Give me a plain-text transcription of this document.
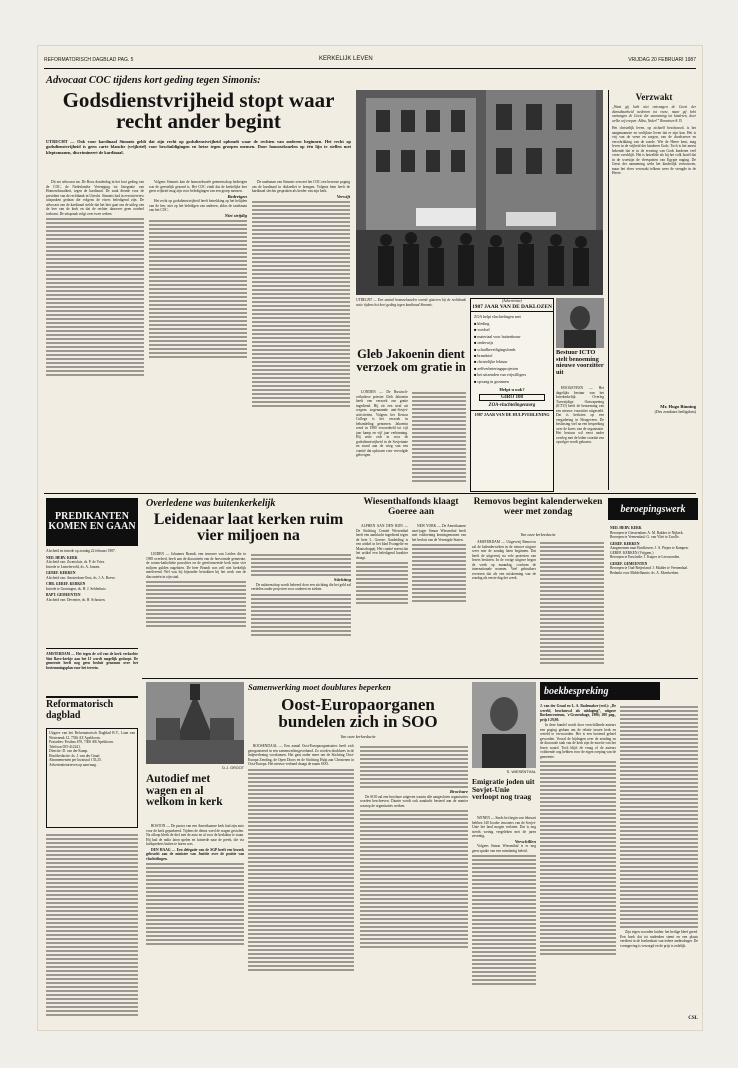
REFORMATORISCH DAGBLAD PAG. 5	KERKELIJK LEVEN	VRIJDAG 20 FEBRUARI 1987
Advocaat COC tijdens kort geding tegen Simonis:
Godsdienstvrijheid stopt waar recht ander begint
UTRECHT — Ook voor kardinaal Simonis geldt dat zijn recht op godsdienstvrijheid ophoudt waar de rechten van anderen beginnen. Het recht op godsdienstvrijheid is geen carte blanche (vrijbrief) voor beschuldigingen en hetze tegen groepen mensen. Door homoseksuelen op één lijn te stellen met kleptomanen, discrimineert de kardinaal.

Dit zei advocaat mr. De Roos donderdag in het kort geding van de COC, de Nederlandse Vereniging tot Integratie van Homoseksualiteit, tegen de kardinaal. De zaak diende voor de president van de rechtbank in Utrecht. Simonis had in een interview uitspraken gedaan die volgens de eisers beledigend zijn. De advocaat van de kardinaal stelde dat het hier gaat om de uitleg van de leer van de kerk en dat de rechter daarover geen oordeel toekomt. De uitspraak volgt over twee weken.

Volgens Simonis kan de homoseksuele gemeenschap bedreigen wat de geestelijk gezond is. Het COC vindt dat de kerkelijke leer geen vrijbrief mag zijn voor beledigingen van een groep mensen.

Bedreigen

Het recht op godsdienstvrijheid heeft betrekking op het belijden van de leer, niet op het beledigen van anderen, aldus de raadsman van het COC.

Niet strijdig

De raadsman van Simonis verweet het COC een bewuste poging om de kardinaal in diskrediet te brengen. Volgens hem heeft de kardinaal slechts gesproken als herder van zijn kerk.

Verwijt
UTRECHT — Een aantal homoseksuelen voerde gisteren bij de rechtbank actie tijdens het kort geding tegen kardinaal Simonis.
Gleb Jakoenin dient verzoek om gratie in

LONDEN — De Russisch-orthodoxe priester Gleb Jakoenin heeft een verzoek om gratie ingediend. Hij zit een straf uit wegens zogenaamde anti-Sovjet-activiteiten. Volgens het Keston College is het verzoek in behandeling genomen. Jakoenin werd in 1980 veroordeeld tot vijf jaar kamp en vijf jaar verbanning. Hij zette zich in voor de godsdienstvrijheid in de Sovjetunie en stond aan de wieg van een comité dat opkwam voor vervolgde gelovigen.

(Advertentie)
1987 JAAR VAN DE DAKLOZEN
ZOA helpt vluchtelingen met
■ kleding
■ voedsel
■ materiaal voor huttenbouw
■ onderwijs
■ schuilbeveiligingsfonds
■ brandstof
■ christelijke lektuur
■ zelfverbeteringsprojecten
■ het uitzenden van vrijwilligers
■ opvang in gezinnen
Helpt u ook?
GIRO 108
ZOA-vluchtelingenzorg
1987 JAAR VAN DE HULPVERLENING
Bestuur ICTO stelt benoeming nieuwe voorzitter uit

HOOGEVEEN — Het dagelijks bestuur van het Interkerkelijk Overleg Tweezijdige Ontwapening (ICTO) heeft de benoeming van een nieuwe voorzitter uitgesteld. Dat is besloten op een vergadering in Hoogeveen. De beslissing viel na een bespreking over de koers van de organisatie. Het bestuur wil eerst nader overleg met de leden voordat een opvolger wordt gekozen.

Verzwakt
„Want gij hebt niet ontvangen de Geest der dienstbaarheid wederom tot vreze, maar gij hebt ontvangen de Geest der aanneming tot kinderen, door welke wij roepen: Abba, Vader!” Romeinen 8:15
Het christelijk leven, op zichzelf beschouwd, is het aangenaamste en vrolijkste leven dat er zijn kan. Het is vrij van de vreze en zorgen, van de doodsvreze en verschrikking van de zonde. Wie de Heere kent, mag leven in de vrijheid der kinderen Gods. Toch is het meest bekende dat er in de ervaring van Gods kinderen veel vreze overblijft. Het is hetzelfde als bij het volk Israël dat in de woestijn de vleespotten van Egypte naging. De Geest der aanneming wekt het kinderlijk vertrouwen, maar het vlees verzwakt telkens weer de vreugde in de Heere.
Mr. Hugo Binning
(Des zondaars heiligdom)
PREDIKANTEN KOMEN EN GAAN
Afscheid en intrede op zondag 22 februari 1987.
NED. HERV. KERK
Afscheid van: Zwartsluis, ds. P. de Vries.
Intrede te Lemelerveld, ds. A. Jansen.
GEREF. KERKEN
Afscheid van: Amsterdam-Oost, ds. J. A. Boeve.
CHR. GEREF. KERKEN
Intrede te Groningen, ds. H. J. Selderhuis.
BAPT. GEMEENTEN
Afscheid van: Deventer, ds. H. Schouten.
AMSTERDAM — Het tegen de wil van de kerk verkochte Sint Bavo-kerkje aan het IJ wordt mogelijk gesloopt. De gemeente heeft nog geen besluit genomen over het bestemmingsplan voor het terrein.
Reformatorisch dagblad
Uitgave van het Reformatorisch Dagblad B.V., Laan van Westenenk 12, 7336 AZ Apeldoorn.
Postadres: Postbus 670, 7300 AR Apeldoorn.
Telefoon 055-412241.
Directie: D. van der Kamp.
Hoofdredactie: ds. J. van der Graaf.
Abonnementen per kwartaal f 35,25.
Advertentietarieven op aanvraag.
Overledene was buitenkerkelijk
Leidenaar laat kerken ruim vier miljoen na

LEIDEN — Johannes Brandt, een inwoner van Leiden die in 1985 overleed, heeft aan de diaconieën van de hervormde gemeente, de rooms-katholieke parochies en de gereformeerde kerk ruim vier miljoen gulden nagelaten. De heer Brandt was zelf niet kerkelijk meelevend. Wel was hij bijzonder betrokken bij het werk van de diaconieën in zijn stad.

Stichting

De nalatenschap wordt beheerd door een stichting die het geld zal verdelen onder projecten voor ouderen en zieken.

Wiesenthalfonds klaagt Goeree aan

ALPHEN AAN DEN RIJN — De Stichting Comité Wiesenthal heeft een aanklacht ingediend tegen de heer L. Goeree. Aanleiding is een artikel in het blad Evangelie en Maatschappij. Het comité meent dat het artikel een beledigend karakter draagt.

NEW YORK — De Amerikaanse nazi-jager Simon Wiesenthal heeft met voldoening kennisgenomen van het besluit van de Verenigde Staten.

Removos begint kalenderweken weer met zondag
Van onze kerkredactie

AMSTERDAM — Uitgeverij Removos zal de kalenderweken in de nieuwe uitgave weer met de zondag laten beginnen. Dat heeft de uitgeverij na vele protesten van lezers besloten. In de vorige uitgave begon de week op maandag, conform de internationale normen. Veel gebruikers ervoeren dat als een miskenning van de zondag als eerste dag der week.

beroepingswerk
NED. HERV. KERK
Beroepen te Giessendam: A. M. Bakker te Nijkerk.
Beroepen te Veenendaal: G. van Vliet te Zwolle.
GEREF. KERKEN
Aangenomen naar Eindhoven: J. A. Pieper te Kampen.
GEREF. KERKEN (Vrijgem.)
Beroepen te Enschede: J. Kuiper te Leeuwarden.
GEREF. GEMEENTEN
Beroepen te Oud-Beijerland: J. Mulder te Veenendaal.
Bedankt voor Middelharnis: ds. A. Moerkerken.
Samenwerking moet doublures beperken
Oost-Europaorganen bundelen zich in SOO
Van onze kerkredactie

ROOSENDAAL — Een aantal Oost-Europaorganisaties heeft zich georganiseerd in een samenwerkingsverband. Zo worden doublures in de hulpverlening voorkomen. Het gaat onder meer om de Stichting Oost-Europa Zending, de Open Doors en de Stichting Hulp aan Christenen in Oost-Europa. Het nieuwe verband draagt de naam SOO.

Brochure

De SOO zal een brochure uitgeven waarin alle aangesloten organisaties worden beschreven. Daarin wordt ook aandacht besteed aan de manier waarop de organisaties werken.

D.J. GROOT
Autodief met wagen en al welkom in kerk

BOSTON — De pastor van een Amerikaanse kerk had zijn auto voor de kerk geparkeerd. Tijdens de dienst werd de wagen gestolen. Na afloop bleek de dief met de auto en al voor de kerkdeur te staan. Hij had de radio laten spelen en luisterde naar de preek, die via luidsprekers buiten te horen was.

DEN HAAG — Een delegatie van de SGP heeft een bezoek gebracht aan de minister van Justitie over de positie van vluchtelingen.

S. WIESENTHAL
Emigratie joden uit Sovjet-Unie verloopt nog traag

WENEN — Sinds het begin van februari hebben 140 Joodse inwoners van de Sovjet-Unie het land mogen verlaten. Dat is nog steeds weinig vergeleken met de jaren zeventig.

Verschillen

Volgens Simon Wiesenthal is er nog geen sprake van een ruimhartig beleid.

boekbespreking

J. van der Graaf en L. A. Rademaker (red.): „De wereld, beschouwd als uitdaging”, uitgave Boekencentrum, 's-Gravenhage, 1986; 200 pag., prijs f 29,90.

In deze bundel wordt door verschillende auteurs een poging gedaan om de relatie tussen kerk en wereld te verwoorden. Het is een boeiend geheel geworden. Vooral de bijdragen over de zending en de diaconale taak van de kerk zijn de moeite van het lezen waard. Toch blijft de vraag of de auteurs voldoende oog hebben voor de eigen roeping van de gemeente.

Zijn eigen woorden luiden: het heilige bleef gered. Een boek dat tot nadenken stemt en een plaats verdient in de boekenkast van iedere ambtsdrager. De vormgeving is verzorgd en de prijs is redelijk.

CSL
